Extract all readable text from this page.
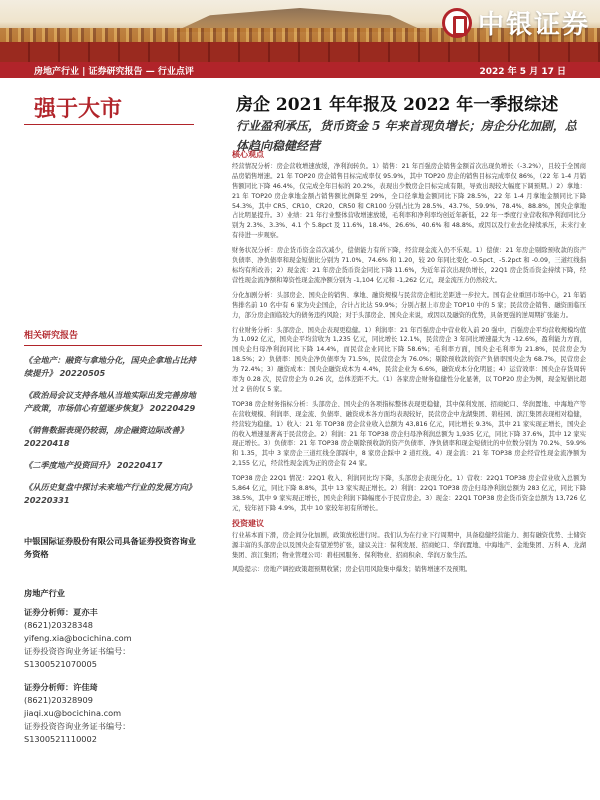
中银证券
房地产行业 | 证券研究报告 — 行业点评	2022 年 5 月 17 日
强于大市	房企 2021 年年报及 2022 年一季报综述
行业盈利承压，货币资金 5 年来首现负增长；房企分化加剧，总体趋向稳健经营
核心观点

经营情况分析：房企营收增速放缓，净利润转负。1）销售：21 年百强房企销售金额首次出现负增长（-3.2%），且较于全国商品房销售增速。21 年 TOP20 房企销售目标完成率仅 95.9%，其中 TOP20 房企的销售目标完成率仅 86%，（22 年 1-4 月销售额同比下降 46.4%，仅完成全年目标的 20.2%，表现出少数房企目标完成有限，导致出现较大幅度下调预期。）2）拿地：21 年 TOP20 房企拿地金额占销售额比例降至 29%，全口径拿地金额同比下降 28.5%，22 年 1-4 月拿地金额同比下降 54.3%，其中 CR5、CR10、CR20、CR50 和 CR100 分别占比为 28.5%、43.7%、59.9%、78.4%、88.8%，国央企拿地占比明显提升。3）业绩：21 年行业整体营收增速放缓，毛利率和净利率均创近年新低，22 年一季度行业营收和净利润同比分别为 2.3%、3.3%、4.1 个 5.8pct 及 11.6%，18.4%、26.6%、40.6% 和 48.8%。或因以及行业去化持续承压，未来行业有待进一步观察。

财务状况分析：房企货币资金首次减少，偿债能力有所下降，经营现金流入仍不乐观。1）偿债：21 年房企剔除预收款的资产负债率、净负债率和现金短债比分别为 71.0%、74.6% 和 1.20，较 20 年同比变化 -0.5pct、-5.2pct 和 -0.09，三道红线指标均有所改善；2）现金流：21 年房企货币资金同比下降 11.6%，为近年首次出现负增长，22Q1 房企货币资金持续下降，经营性现金流净额和筹资性现金流净额分别为 -1,104 亿元和 -1,262 亿元，现金流压力仍然较大。

分化加剧分析：头部房企、国央企的销售、拿地、融资规模与民营房企相比差距进一步拉大。国有企业重回市场中心，21 年销售排名前 10 名中有 6 家为央企国企，合计占比达 59.9%；分别占据上市房企 TOP10 中的 5 家；民营房企销售、融资面临压力，部分房企面临较大的债务违约风险；对于头部房企、国央企来说，或因以及融资的优势，具备更强的逆周期扩张能力。

行业财务分析：头部房企、国央企表现更稳健。1）利润率：21 年百强房企中营业收入前 20 强中，百强房企平均营收规模均值为 1,092 亿元，国央企平均营收为 1,235 亿元，同比增长 12.1%，民营房企 3 年同比增速最大为 -12.6%，盈利能力方面，国央企归母净利润同比下降 14.4%，而民营企业同比下降 58.6%；毛利率方面，国央企毛利率为 21.8%，民营房企为 18.5%；2）负债率：国央企净负债率为 71.5%，民营房企为 76.0%；剔除预收款的资产负债率国央企为 68.7%，民营房企为 72.4%；3）融资成本：国央企融资成本为 4.4%，民营企业为 6.6%，融资成本分化明显；4）运营效率：国央企存货周转率为 0.28 次，民营房企为 0.26 次，总体差距不大。（1）各家房企财务稳健性分化显著，以 TOP20 房企为例，现金短债比超过 2 倍的仅 5 家。

TOP38 房企财务指标分析：头部房企、国央企的各项指标整体表现更稳健，其中保利发展、招商蛇口、华润置地、中海地产等在营收规模、利润率、现金流、负债率、融资成本各方面均表现较好，民营房企中龙湖集团、碧桂园、滨江集团表现相对稳健，经营较为稳健。1）收入：21 年 TOP38 房企营业收入总额为 43,816 亿元，同比增长 9.3%，其中 21 家实现正增长，国央企的收入增速显著高于民营房企。2）利润：21 年 TOP38 房企归母净利润总额为 1,935 亿元，同比下降 37.6%，其中 12 家实现正增长。3）负债率：21 年 TOP38 房企剔除预收款的资产负债率、净负债率和现金短债比的中位数分别为 70.2%、59.9% 和 1.35，其中 3 家房企三道红线全部踩中，8 家房企踩中 2 道红线。4）现金流：21 年 TOP38 房企经营性现金流净额为 2,155 亿元，经营性现金流为正的房企有 24 家。

TOP38 房企 22Q1 情况：22Q1 收入、利润同比均下降，头部房企表现分化。1）营收：22Q1 TOP38 房企营业收入总额为 5,864 亿元，同比下降 8.8%，其中 13 家实现正增长。2）利润：22Q1 TOP38 房企归母净利润总额为 283 亿元，同比下降 38.5%，其中 9 家实现正增长，国央企利润下降幅度小于民营房企。3）现金：22Q1 TOP38 房企货币资金总额为 13,726 亿元，较年初下降 4.9%，其中 10 家较年初有所增长。

投资建议

行业基本面下滑，房企间分化加剧，政策放松进行时。我们认为在行业下行周期中，具备稳健经营能力、拥有融资优势、土储资源丰富的头部房企以及国央企有望逆势扩张，建议关注：保利发展、招商蛇口、华润置地、中海地产、金地集团、万科 A、龙湖集团、滨江集团；物业管理公司：碧桂园服务、保利物业、招商积余、华润万象生活。

风险提示：房地产调控政策超预期收紧；房企信用风险集中爆发；销售增速不及预期。

相关研究报告
《全地产：融资与拿地分化，国央企拿地占比持续提升》 20220505
《政治局会议支持各地从当地实际出发完善房地产政策，市场信心有望逐步恢复》 20220429
《销售数据表现仍较弱，房企融资边际改善》 20220418
《二季度地产投资回升》 20220417
《从历史复盘中探讨未来地产行业的发展方向》 20220331
中银国际证券股份有限公司具备证券投资咨询业务资格
房地产行业
证券分析师：夏亦丰
(8621)20328348
yifeng.xia@bocichina.com
证券投资咨询业务证书编号：S1300521070005
证券分析师：许佳琦
(8621)20328909
jiaqi.xu@bocichina.com
证券投资咨询业务证书编号：S1300521110002
